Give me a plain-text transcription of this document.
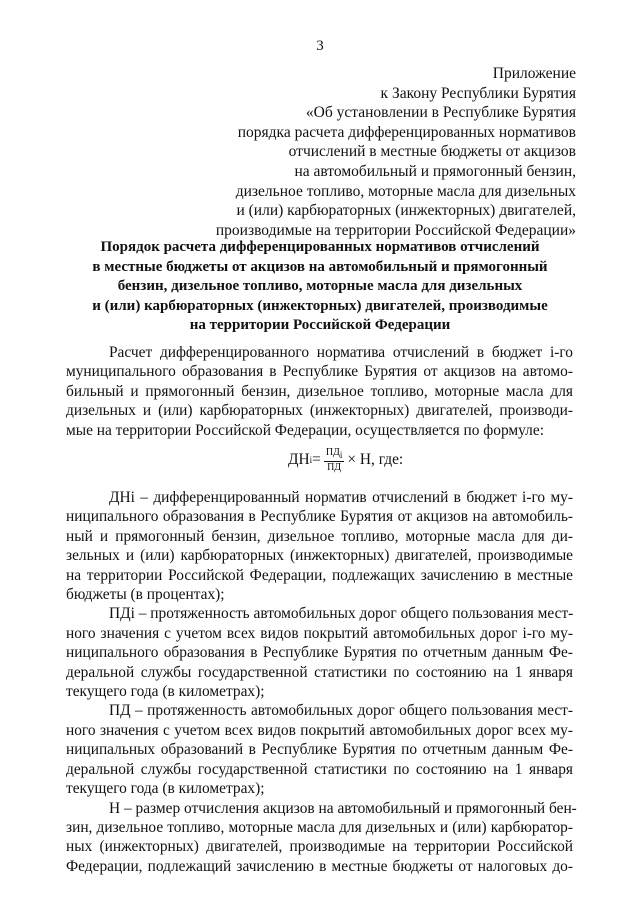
3
Приложение
к Закону Республики Бурятия
«Об установлении в Республике Бурятия
порядка расчета дифференцированных нормативов
отчислений в местные бюджеты от акцизов
на автомобильный и прямогонный бензин,
дизельное топливо, моторные масла для дизельных
и (или) карбюраторных (инжекторных) двигателей,
производимые на территории Российской Федерации»
Порядок расчета дифференцированных нормативов отчислений
в местные бюджеты от акцизов на автомобильный и прямогонный
бензин, дизельное топливо, моторные масла для дизельных
и (или) карбюраторных (инжекторных) двигателей, производимые
на территории Российской Федерации

Расчет дифференцированного норматива отчислений в бюджет i-го
муниципального образования в Республике Бурятия от акцизов на автомо-
бильный и прямогонный бензин, дизельное топливо, моторные масла для
дизельных и (или) карбюраторных (инжекторных) двигателей, производи-
мые на территории Российской Федерации, осуществляется по формуле:

ДН $i = \frac{ПД_i}{ПД} \times Н$, где:

ДНi – дифференцированный норматив отчислений в бюджет i-го му-
ниципального образования в Республике Бурятия от акцизов на автомобиль-
ный и прямогонный бензин, дизельное топливо, моторные масла для ди-
зельных и (или) карбюраторных (инжекторных) двигателей, производимые
на территории Российской Федерации, подлежащих зачислению в местные
бюджеты (в процентах);

ПДi – протяженность автомобильных дорог общего пользования мест-
ного значения с учетом всех видов покрытий автомобильных дорог i-го му-
ниципального образования в Республике Бурятия по отчетным данным Фе-
деральной службы государственной статистики по состоянию на 1 января
текущего года (в километрах);

ПД – протяженность автомобильных дорог общего пользования мест-
ного значения с учетом всех видов покрытий автомобильных дорог всех му-
ниципальных образований в Республике Бурятия по отчетным данным Фе-
деральной службы государственной статистики по состоянию на 1 января
текущего года (в километрах);

Н – размер отчисления акцизов на автомобильный и прямогонный бен-
зин, дизельное топливо, моторные масла для дизельных и (или) карбюратор-
ных (инжекторных) двигателей, производимые на территории Российской
Федерации, подлежащий зачислению в местные бюджеты от налоговых до-
